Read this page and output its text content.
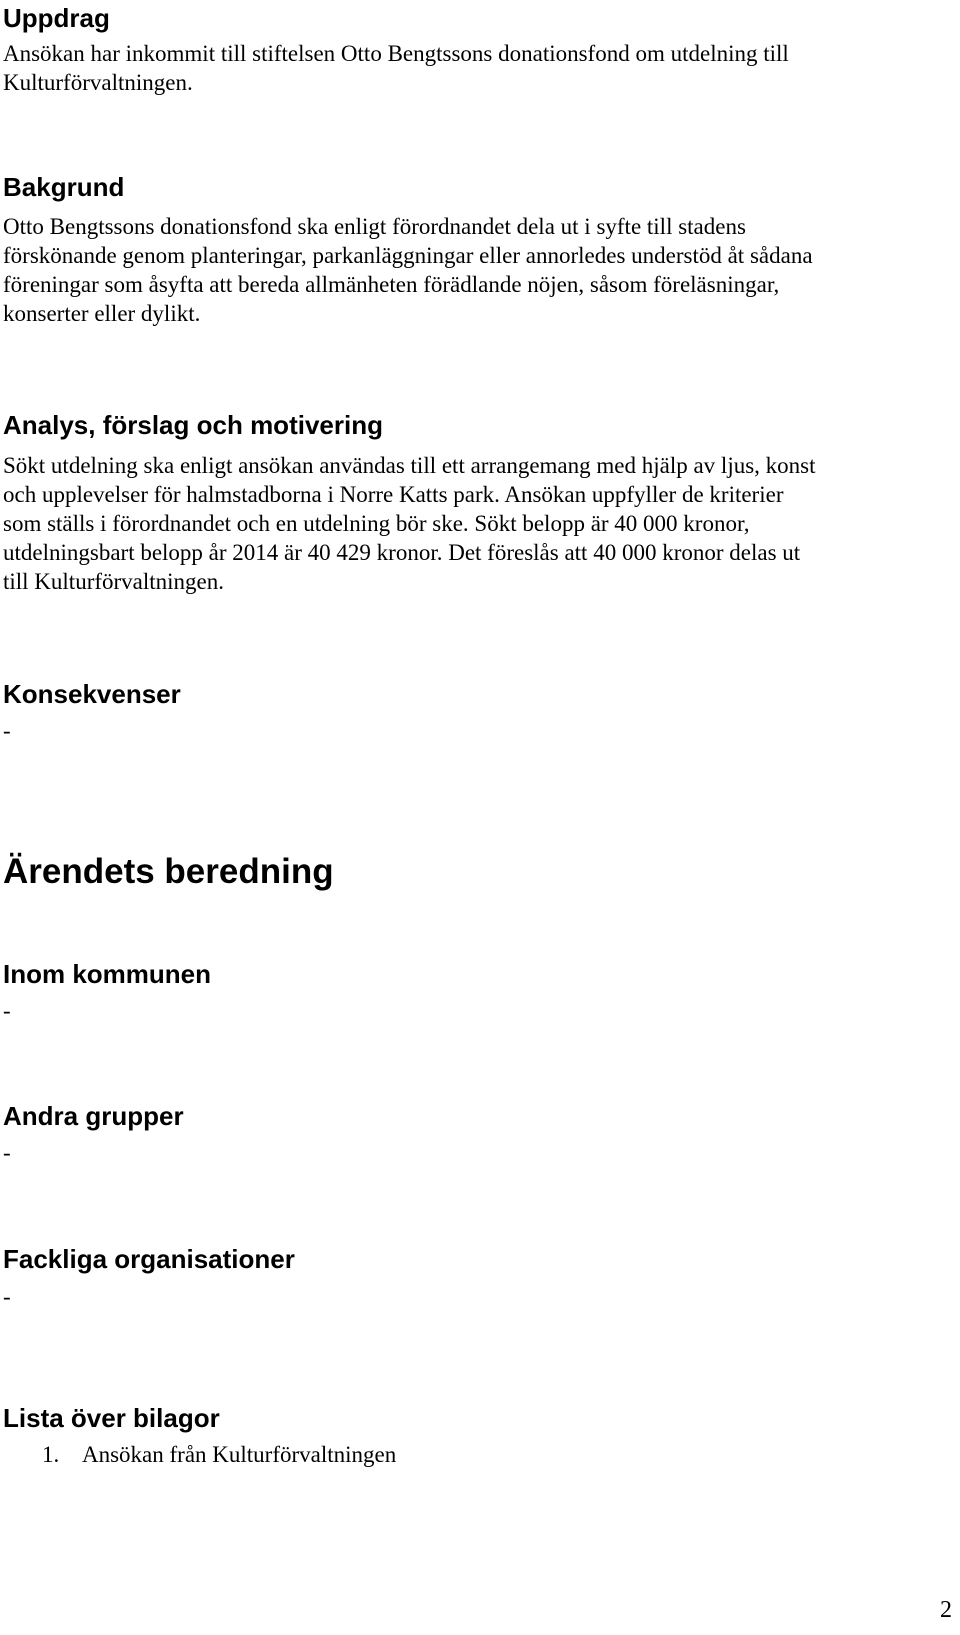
Uppdrag

Ansökan har inkommit till stiftelsen Otto Bengtssons donationsfond om utdelning till
Kulturförvaltningen.

Bakgrund

Otto Bengtssons donationsfond ska enligt förordnandet dela ut i syfte till stadens
förskönande genom planteringar, parkanläggningar eller annorledes understöd åt sådana
föreningar som åsyfta att bereda allmänheten förädlande nöjen, såsom föreläsningar,
konserter eller dylikt.

Analys, förslag och motivering

Sökt utdelning ska enligt ansökan användas till ett arrangemang med hjälp av ljus, konst
och upplevelser för halmstadborna i Norre Katts park. Ansökan uppfyller de kriterier
som ställs i förordnandet och en utdelning bör ske. Sökt belopp är 40 000 kronor,
utdelningsbart belopp år 2014 är 40 429 kronor. Det föreslås att 40 000 kronor delas ut
till Kulturförvaltningen.

Konsekvenser

-

Ärendets beredning
Inom kommunen

-

Andra grupper

-

Fackliga organisationer

-

Lista över bilagor
1. Ansökan från Kulturförvaltningen

2
